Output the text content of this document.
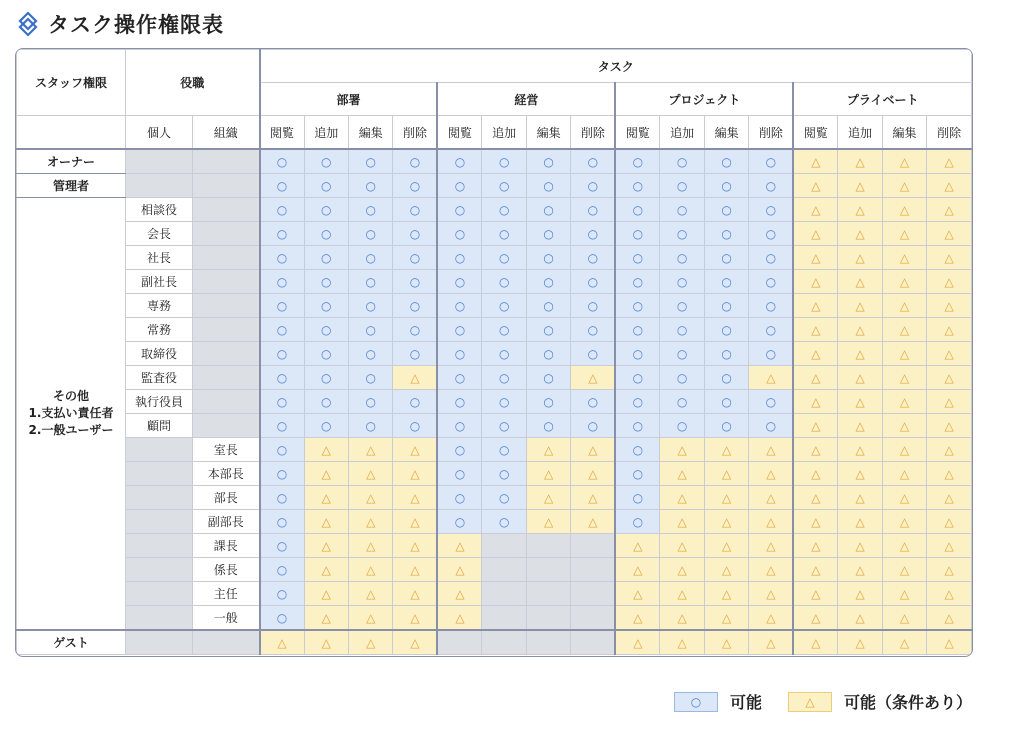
タスク操作権限表
スタッフ権限	役職		タスク															
			部署				経営				プロジェクト				プライベート			
	個人	組織	閲覧	追加	編集	削除	閲覧	追加	編集	削除	閲覧	追加	編集	削除	閲覧	追加	編集	削除
オーナー			○	○	○	○	○	○	○	○	○	○	○	○	△	△	△	△
管理者			○	○	○	○	○	○	○	○	○	○	○	○	△	△	△	△

その他
1.支払い責任者
2.一般ユーザー	相談役		○	○	○	○	○	○	○	○	○	○	○	○	△	△	△	△
	会長		○	○	○	○	○	○	○	○	○	○	○	○	△	△	△	△
	社長		○	○	○	○	○	○	○	○	○	○	○	○	△	△	△	△
	副社長		○	○	○	○	○	○	○	○	○	○	○	○	△	△	△	△
	専務		○	○	○	○	○	○	○	○	○	○	○	○	△	△	△	△
	常務		○	○	○	○	○	○	○	○	○	○	○	○	△	△	△	△
	取締役		○	○	○	○	○	○	○	○	○	○	○	○	△	△	△	△
	監査役		○	○	○	△	○	○	○	△	○	○	○	△	△	△	△	△
	執行役員		○	○	○	○	○	○	○	○	○	○	○	○	△	△	△	△
	顧問		○	○	○	○	○	○	○	○	○	○	○	○	△	△	△	△
		室長	○	△	△	△	○	○	△	△	○	△	△	△	△	△	△	△
		本部長	○	△	△	△	○	○	△	△	○	△	△	△	△	△	△	△
		部長	○	△	△	△	○	○	△	△	○	△	△	△	△	△	△	△
		副部長	○	△	△	△	○	○	△	△	○	△	△	△	△	△	△	△
		課長	○	△	△	△	△				△	△	△	△	△	△	△	△
		係長	○	△	△	△	△				△	△	△	△	△	△	△	△
		主任	○	△	△	△	△				△	△	△	△	△	△	△	△
		一般	○	△	△	△	△				△	△	△	△	△	△	△	△
ゲスト			△	△	△	△					△	△	△	△	△	△	△	△
○	可能	△	可能（条件あり）
